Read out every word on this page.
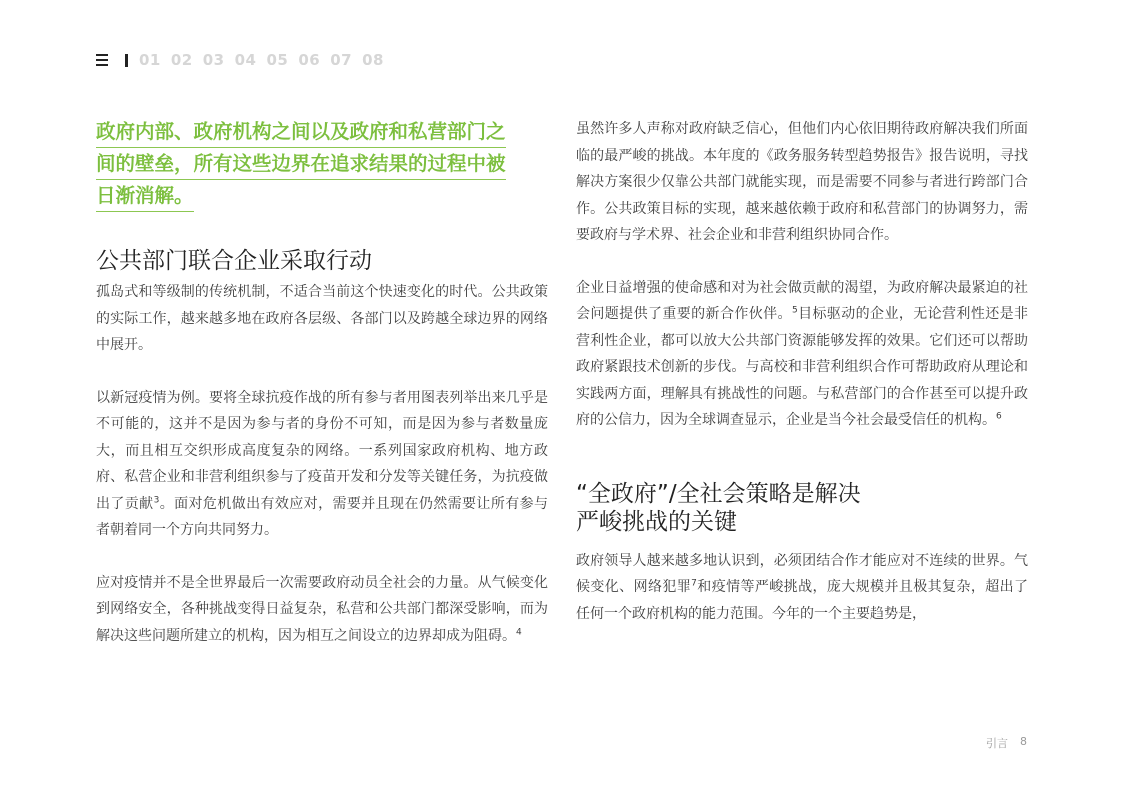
01 02 03 04 05 06 07 08
政府内部、政府机构之间以及政府和私营部门之
间的壁垒，所有这些边界在追求结果的过程中被
日渐消解。
公共部门联合企业采取行动

孤岛式和等级制的传统机制，不适合当前这个快速变化的时代。公共政策的实际工作，越来越多地在政府各层级、各部门以及跨越全球边界的网络中展开。

以新冠疫情为例。要将全球抗疫作战的所有参与者用图表列举出来几乎是不可能的，这并不是因为参与者的身份不可知，而是因为参与者数量庞大，而且相互交织形成高度复杂的网络。一系列国家政府机构、地方政府、私营企业和非营利组织参与了疫苗开发和分发等关键任务，为抗疫做出了贡献$^3$。面对危机做出有效应对，需要并且现在仍然需要让所有参与者朝着同一个方向共同努力。

应对疫情并不是全世界最后一次需要政府动员全社会的力量。从气候变化到网络安全，各种挑战变得日益复杂，私营和公共部门都深受影响，而为解决这些问题所建立的机构，因为相互之间设立的边界却成为阻碍。$^4$

虽然许多人声称对政府缺乏信心，但他们内心依旧期待政府解决我们所面临的最严峻的挑战。本年度的《政务服务转型趋势报告》报告说明，寻找解决方案很少仅靠公共部门就能实现，而是需要不同参与者进行跨部门合作。公共政策目标的实现，越来越依赖于政府和私营部门的协调努力，需要政府与学术界、社会企业和非营利组织协同合作。

企业日益增强的使命感和对为社会做贡献的渴望，为政府解决最紧迫的社会问题提供了重要的新合作伙伴。$^5$目标驱动的企业，无论营利性还是非营利性企业，都可以放大公共部门资源能够发挥的效果。它们还可以帮助政府紧跟技术创新的步伐。与高校和非营利组织合作可帮助政府从理论和实践两方面，理解具有挑战性的问题。与私营部门的合作甚至可以提升政府的公信力，因为全球调查显示，企业是当今社会最受信任的机构。$^6$

“全政府”/全社会策略是解决
严峻挑战的关键

政府领导人越来越多地认识到，必须团结合作才能应对不连续的世界。气候变化、网络犯罪$^7$和疫情等严峻挑战，庞大规模并且极其复杂，超出了任何一个政府机构的能力范围。今年的一个主要趋势是，

引言 8
